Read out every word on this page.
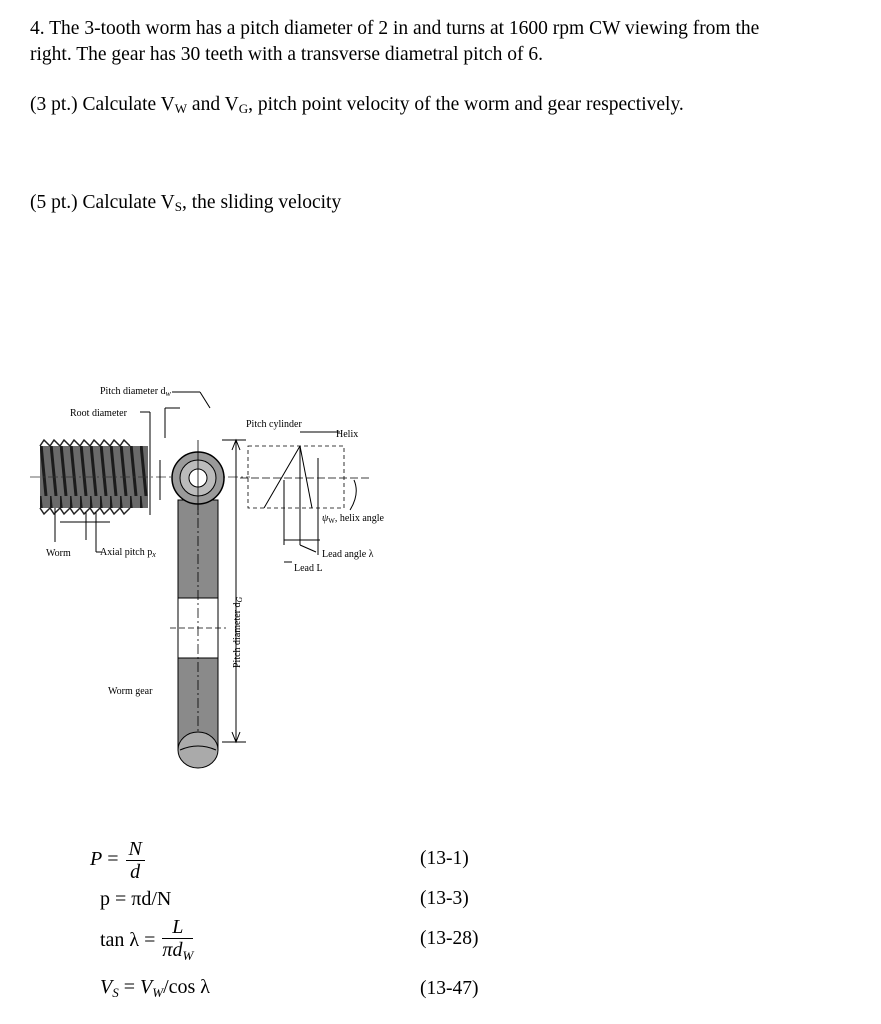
4. The 3-tooth worm has a pitch diameter of 2 in and turns at 1600 rpm CW viewing from the
right. The gear has 30 teeth with a transverse diametral pitch of 6.
(3 pt.) Calculate $V_W$ and $V_G$, pitch point velocity of the worm and gear respectively.
(5 pt.) Calculate $V_S$, the sliding velocity
Pitch diameter $d_w$
Root diameter
Worm	Axial pitch $p_x$
Worm gear
Pitch diameter $d_G$
Pitch cylinder
Helix
$\psi_W$, helix angle
Lead angle λ
Lead L
$P = \frac{N}{d}$	(13-1)
p = πd/N	(13-3)
$\tan \lambda = \frac{L}{\pi d_W}$	(13-28)
$V_S = V_W/\cos$ λ	(13-47)
